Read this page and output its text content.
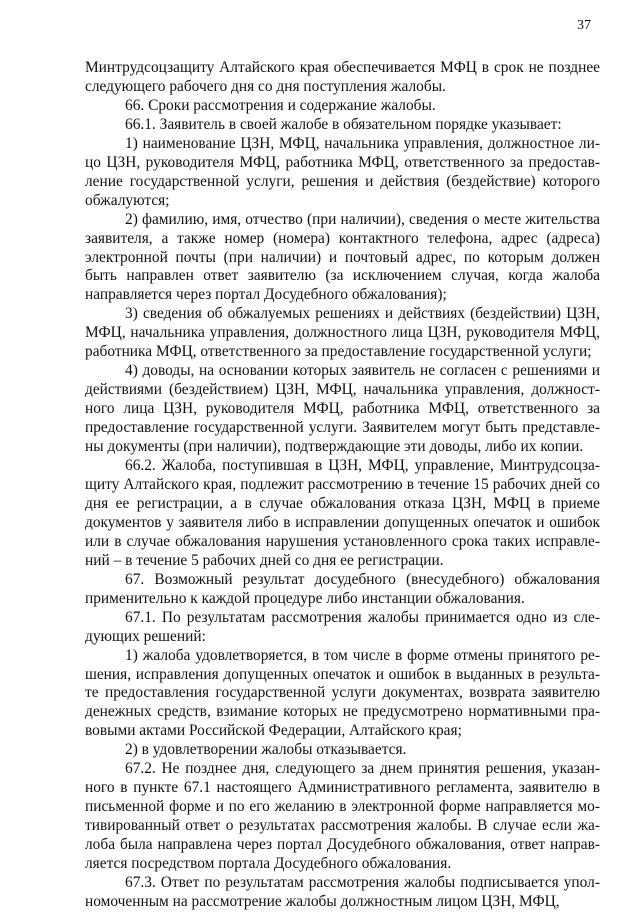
37

Минтрудсоцзащиту Алтайского края обеспечивается МФЦ в срок не позднее следующего рабочего дня со дня поступления жалобы.

66. Сроки рассмотрения и содержание жалобы.

66.1. Заявитель в своей жалобе в обязательном порядке указывает:

1) наименование ЦЗН, МФЦ, начальника управления, должностное лицо ЦЗН, руководителя МФЦ, работника МФЦ, ответственного за предоставление государственной услуги, решения и действия (бездействие) которого обжалуются;

2) фамилию, имя, отчество (при наличии), сведения о месте жительства заявителя, а также номер (номера) контактного телефона, адрес (адреса) электронной почты (при наличии) и почтовый адрес, по которым должен быть направлен ответ заявителю (за исключением случая, когда жалоба направляется через портал Досудебного обжалования);

3) сведения об обжалуемых решениях и действиях (бездействии) ЦЗН, МФЦ, начальника управления, должностного лица ЦЗН, руководителя МФЦ, работника МФЦ, ответственного за предоставление государственной услуги;

4) доводы, на основании которых заявитель не согласен с решениями и действиями (бездействием) ЦЗН, МФЦ, начальника управления, должностного лица ЦЗН, руководителя МФЦ, работника МФЦ, ответственного за предоставление государственной услуги. Заявителем могут быть представлены документы (при наличии), подтверждающие эти доводы, либо их копии.

66.2. Жалоба, поступившая в ЦЗН, МФЦ, управление, Минтрудсоцзащиту Алтайского края, подлежит рассмотрению в течение 15 рабочих дней со дня ее регистрации, а в случае обжалования отказа ЦЗН, МФЦ в приеме документов у заявителя либо в исправлении допущенных опечаток и ошибок или в случае обжалования нарушения установленного срока таких исправлений – в течение 5 рабочих дней со дня ее регистрации.

67. Возможный результат досудебного (внесудебного) обжалования применительно к каждой процедуре либо инстанции обжалования.

67.1. По результатам рассмотрения жалобы принимается одно из следующих решений:

1) жалоба удовлетворяется, в том числе в форме отмены принятого решения, исправления допущенных опечаток и ошибок в выданных в результате предоставления государственной услуги документах, возврата заявителю денежных средств, взимание которых не предусмотрено нормативными правовыми актами Российской Федерации, Алтайского края;

2) в удовлетворении жалобы отказывается.

67.2. Не позднее дня, следующего за днем принятия решения, указанного в пункте 67.1 настоящего Административного регламента, заявителю в письменной форме и по его желанию в электронной форме направляется мотивированный ответ о результатах рассмотрения жалобы. В случае если жалоба была направлена через портал Досудебного обжалования, ответ направляется посредством портала Досудебного обжалования.

67.3. Ответ по результатам рассмотрения жалобы подписывается уполномоченным на рассмотрение жалобы должностным лицом ЦЗН, МФЦ,
